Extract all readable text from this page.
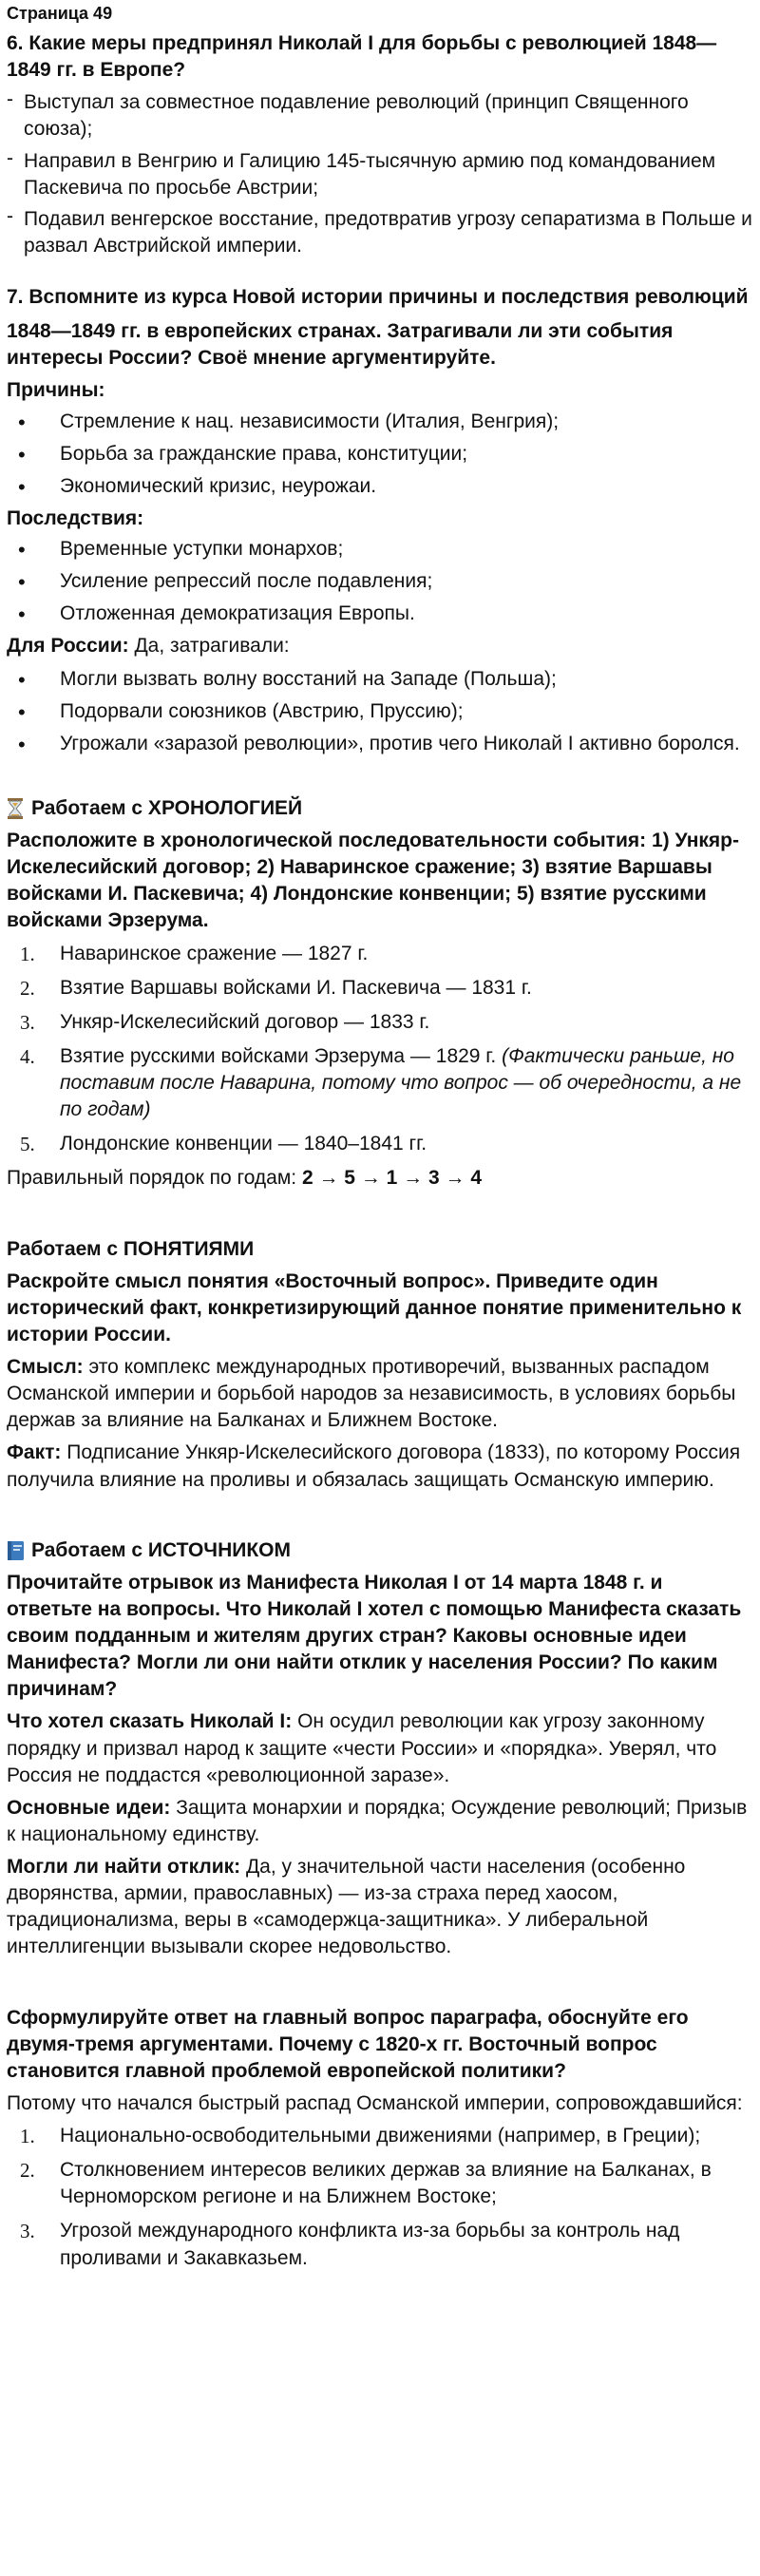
Страница 49
6. Какие меры предпринял Николай I для борьбы с революцией 1848— 1849 гг. в Европе?
- Выступал за совместное подавление революций (принцип Священного союза);
- Направил в Венгрию и Галицию 145-тысячную армию под командованием Паскевича по просьбе Австрии;
- Подавил венгерское восстание, предотвратив угрозу сепаратизма в Польше и развал Австрийской империи.
7. Вспомните из курса Новой истории причины и последствия революций
1848—1849 гг. в европейских странах. Затрагивали ли эти события интересы России? Своё мнение аргументируйте.
Причины:
• Стремление к нац. независимости (Италия, Венгрия);
• Борьба за гражданские права, конституции;
• Экономический кризис, неурожаи.
Последствия:
• Временные уступки монархов;
• Усиление репрессий после подавления;
• Отложенная демократизация Европы.
Для России: Да, затрагивали:
• Могли вызвать волну восстаний на Западе (Польша);
• Подорвали союзников (Австрию, Пруссию);
• Угрожали «заразой революции», против чего Николай I активно боролся.
Работаем с ХРОНОЛОГИЕЙ
Расположите в хронологической последовательности события: 1) Ункяр-Искелесийский договор; 2) Наваринское сражение; 3) взятие Варшавы войсками И. Паскевича; 4) Лондонские конвенции; 5) взятие русскими войсками Эрзерума.
1. Наваринское сражение — 1827 г.
2. Взятие Варшавы войсками И. Паскевича — 1831 г.
3. Ункяр-Искелесийский договор — 1833 г.
4. Взятие русскими войсками Эрзерума — 1829 г. (Фактически раньше, но поставим после Наварина, потому что вопрос — об очередности, а не по годам)
5. Лондонские конвенции — 1840–1841 гг.
Правильный порядок по годам: 2 → 5 → 1 → 3 → 4
Работаем с ПОНЯТИЯМИ
Раскройте смысл понятия «Восточный вопрос». Приведите один исторический факт, конкретизирующий данное понятие применительно к истории России.
Смысл: это комплекс международных противоречий, вызванных распадом Османской империи и борьбой народов за независимость, в условиях борьбы держав за влияние на Балканах и Ближнем Востоке.
Факт: Подписание Ункяр-Искелесийского договора (1833), по которому Россия получила влияние на проливы и обязалась защищать Османскую империю.
Работаем с ИСТОЧНИКОМ
Прочитайте отрывок из Манифеста Николая I от 14 марта 1848 г. и ответьте на вопросы. Что Николай I хотел с помощью Манифеста сказать своим подданным и жителям других стран? Каковы основные идеи Манифеста? Могли ли они найти отклик у населения России? По каким причинам?
Что хотел сказать Николай I: Он осудил революции как угрозу законному порядку и призвал народ к защите «чести России» и «порядка». Уверял, что Россия не поддастся «революционной заразе».
Основные идеи: Защита монархии и порядка; Осуждение революций; Призыв к национальному единству.
Могли ли найти отклик: Да, у значительной части населения (особенно дворянства, армии, православных) — из-за страха перед хаосом, традиционализма, веры в «самодержца-защитника». У либеральной интеллигенции вызывали скорее недовольство.
Сформулируйте ответ на главный вопрос параграфа, обоснуйте его двумя-тремя аргументами. Почему с 1820-х гг. Восточный вопрос становится главной проблемой европейской политики?
Потому что начался быстрый распад Османской империи, сопровождавшийся:
1. Национально-освободительными движениями (например, в Греции);
2. Столкновением интересов великих держав за влияние на Балканах, в Черноморском регионе и на Ближнем Востоке;
3. Угрозой международного конфликта из-за борьбы за контроль над проливами и Закавказьем.
